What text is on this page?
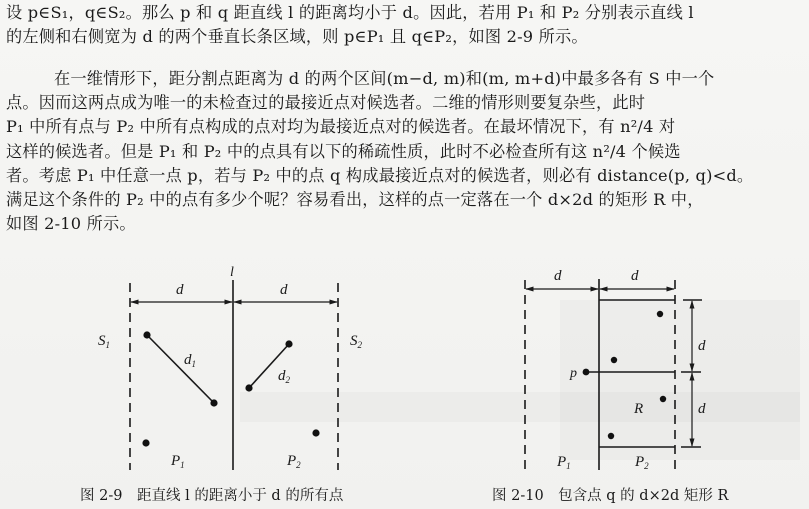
设 p∈S₁，q∈S₂。那么 p 和 q 距直线 l 的距离均小于 d。因此，若用 P₁ 和 P₂ 分别表示直线 l
的左侧和右侧宽为 d 的两个垂直长条区域，则 p∈P₁ 且 q∈P₂，如图 2-9 所示。
在一维情形下，距分割点距离为 d 的两个区间(m−d, m)和(m, m+d)中最多各有 S 中一个
点。因而这两点成为唯一的未检查过的最接近点对候选者。二维的情形则要复杂些，此时
P₁ 中所有点与 P₂ 中所有点构成的点对均为最接近点对的候选者。在最坏情况下，有 n²/4 对
这样的候选者。但是 P₁ 和 P₂ 中的点具有以下的稀疏性质，此时不必检查所有这 n²/4 个候选
者。考虑 P₁ 中任意一点 p，若与 P₂ 中的点 q 构成最接近点对的候选者，则必有 distance(p, q)<d。
满足这个条件的 P₂ 中的点有多少个呢？容易看出，这样的点一定落在一个 d×2d 的矩形 R 中，
如图 2-10 所示。
l
d	d
$S_1$	$S_2$
$d_1$
$d_2$
$P_1$	$P_2$
d	d
p
R
d
d
$P_1$	$P_2$
图 2-9　距直线 l 的距离小于 d 的所有点	图 2-10　包含点 q 的 d×2d 矩形 R
